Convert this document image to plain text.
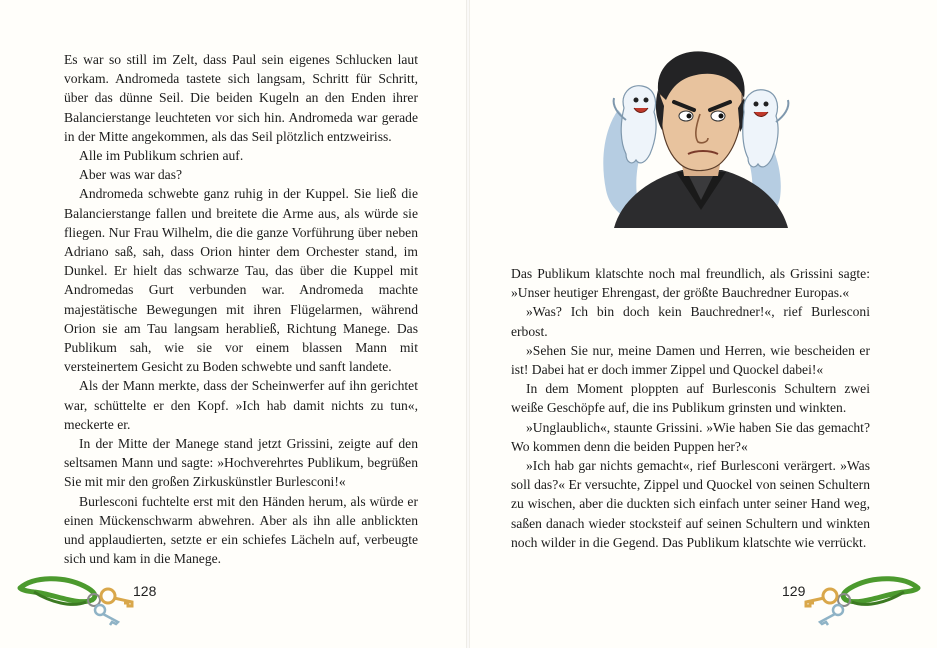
Es war so still im Zelt, dass Paul sein eigenes Schlucken laut vorkam. Andromeda tastete sich langsam, Schritt für Schritt, über das dünne Seil. Die beiden Kugeln an den Enden ihrer Balancierstange leuchteten vor sich hin. Andromeda war gerade in der Mitte angekommen, als das Seil plötzlich entzweiriss.

Alle im Publikum schrien auf.

Aber was war das?

Andromeda schwebte ganz ruhig in der Kuppel. Sie ließ die Balancierstange fallen und breitete die Arme aus, als würde sie fliegen. Nur Frau Wilhelm, die die ganze Vorführung über neben Adriano saß, sah, dass Orion hinter dem Orchester stand, im Dunkel. Er hielt das schwarze Tau, das über die Kuppel mit Andromedas Gurt verbunden war. Andromeda machte majestätische Bewegungen mit ihren Flügelarmen, während Orion sie am Tau langsam herabließ, Richtung Manege. Das Publikum sah, wie sie vor einem blassen Mann mit versteinertem Gesicht zu Boden schwebte und sanft landete.

Als der Mann merkte, dass der Scheinwerfer auf ihn gerichtet war, schüttelte er den Kopf. »Ich hab damit nichts zu tun«, meckerte er.

In der Mitte der Manege stand jetzt Grissini, zeigte auf den seltsamen Mann und sagte: »Hochverehrtes Publikum, begrüßen Sie mit mir den großen Zirkuskünstler Burlesconi!«

Burlesconi fuchtelte erst mit den Händen herum, als würde er einen Mückenschwarm abwehren. Aber als ihn alle anblickten und applaudierten, setzte er ein schiefes Lächeln auf, verbeugte sich und kam in die Manege.

Das Publikum klatschte noch mal freundlich, als Grissini sagte: »Unser heutiger Ehrengast, der größte Bauchredner Europas.«

»Was? Ich bin doch kein Bauchredner!«, rief Burlesconi erbost.

»Sehen Sie nur, meine Damen und Herren, wie bescheiden er ist! Dabei hat er doch immer Zippel und Quockel dabei!«

In dem Moment ploppten auf Burlesconis Schultern zwei weiße Geschöpfe auf, die ins Publikum grinsten und winkten.

»Unglaublich«, staunte Grissini. »Wie haben Sie das gemacht? Wo kommen denn die beiden Puppen her?«

»Ich hab gar nichts gemacht«, rief Burlesconi verärgert. »Was soll das?« Er versuchte, Zippel und Quockel von seinen Schultern zu wischen, aber die duckten sich einfach unter seiner Hand weg, saßen danach wieder stocksteif auf seinen Schultern und winkten noch wilder in die Gegend. Das Publikum klatschte wie verrückt.

128	129
